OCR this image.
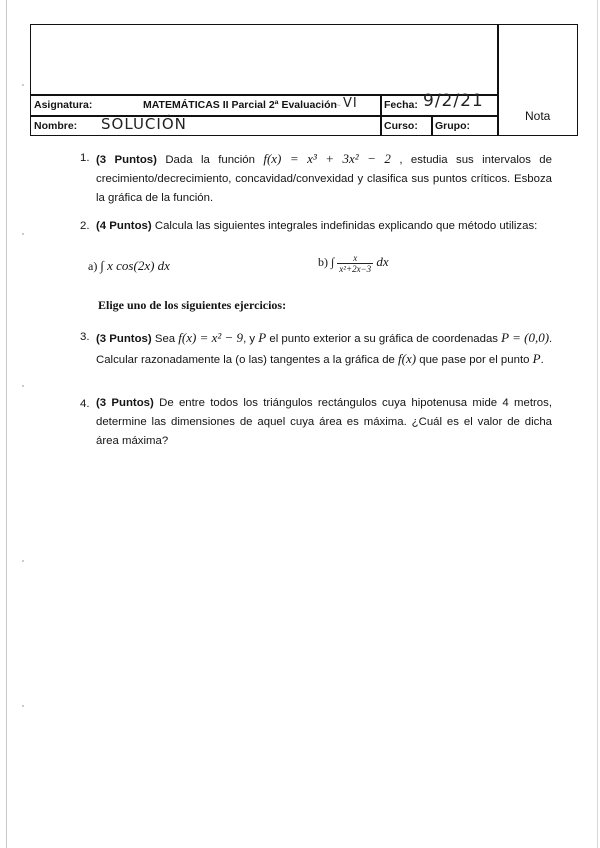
~
Asignatura:	MATEMÁTICAS II Parcial 2ª Evaluación VI	Fecha: 9/2/21
Nombre: SOLUCIÓN	Curso: Grupo:
Nota
1. (3 Puntos) Dada la función f(x) = x³ + 3x² − 2 , estudia sus intervalos de crecimiento/decrecimiento, concavidad/convexidad y clasifica sus puntos críticos. Esboza la gráfica de la función.
2. (4 Puntos) Calcula las siguientes integrales indefinidas explicando que método utilizas:
a) ∫ x cos(2x) dx	b) ∫ $\frac{x}{\text{x²+2x−3}}$ dx
Elige uno de los siguientes ejercicios:
3. (3 Puntos) Sea f(x) = x² − 9, y P el punto exterior a su gráfica de coordenadas P = (0,0).
Calcular razonadamente la (o las) tangentes a la gráfica de f(x) que pase por el punto P.
4. (3 Puntos) De entre todos los triángulos rectángulos cuya hipotenusa mide 4 metros, determine las dimensiones de aquel cuya área es máxima. ¿Cuál es el valor de dicha área máxima?
